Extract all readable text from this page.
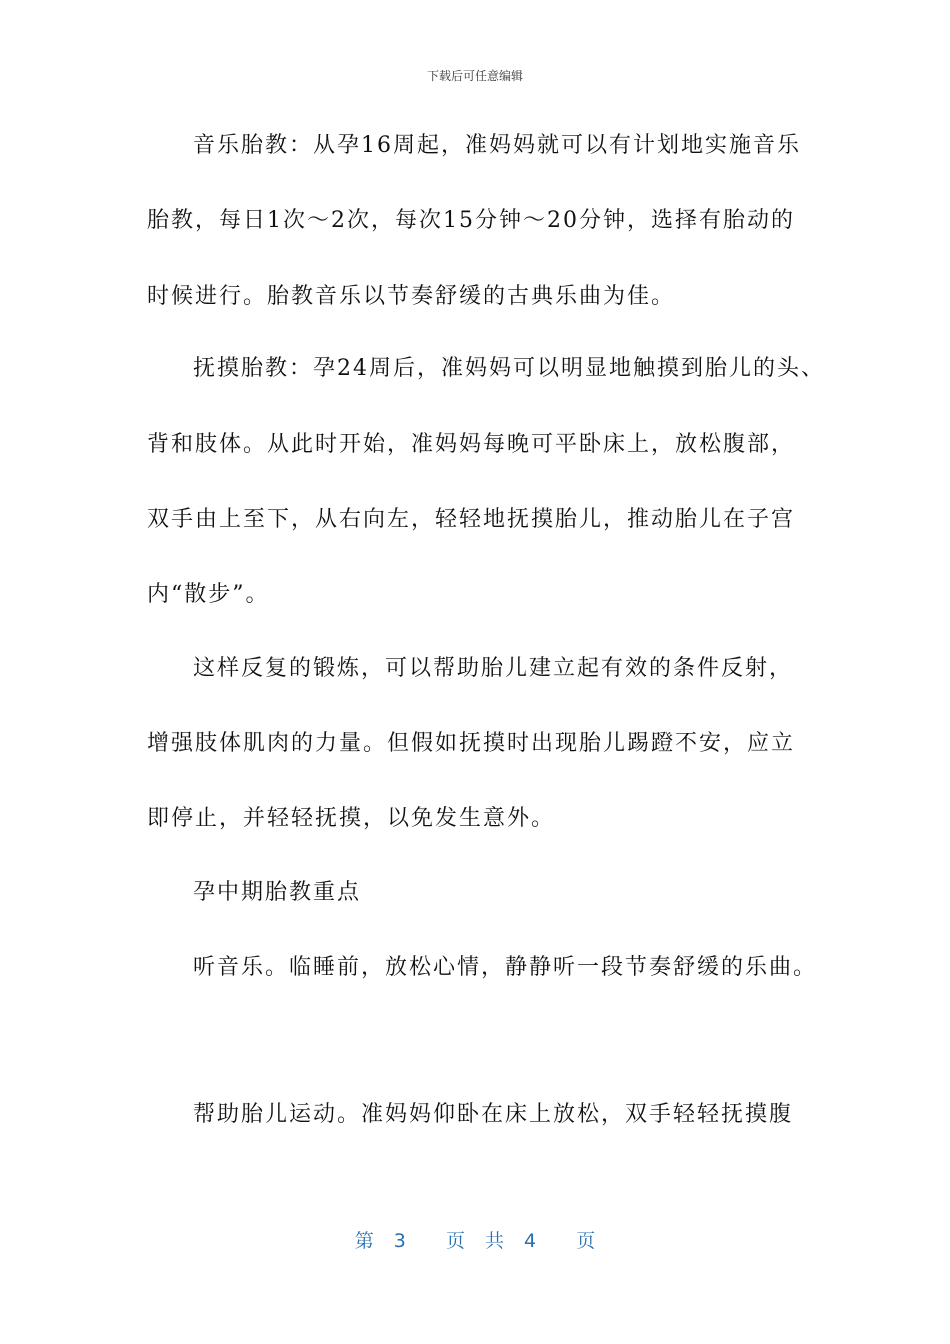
下载后可任意编辑
音乐胎教：从孕16周起，准妈妈就可以有计划地实施音乐
胎教，每日1次～2次，每次15分钟～20分钟，选择有胎动的
时候进行。胎教音乐以节奏舒缓的古典乐曲为佳。
抚摸胎教：孕24周后，准妈妈可以明显地触摸到胎儿的头、
背和肢体。从此时开始，准妈妈每晚可平卧床上，放松腹部，
双手由上至下，从右向左，轻轻地抚摸胎儿，推动胎儿在子宫
内“散步”。
这样反复的锻炼，可以帮助胎儿建立起有效的条件反射，
增强肢体肌肉的力量。但假如抚摸时出现胎儿踢蹬不安，应立
即停止，并轻轻抚摸，以免发生意外。
孕中期胎教重点
听音乐。临睡前，放松心情，静静听一段节奏舒缓的乐曲。
帮助胎儿运动。准妈妈仰卧在床上放松，双手轻轻抚摸腹
第 3  页 共 4  页
